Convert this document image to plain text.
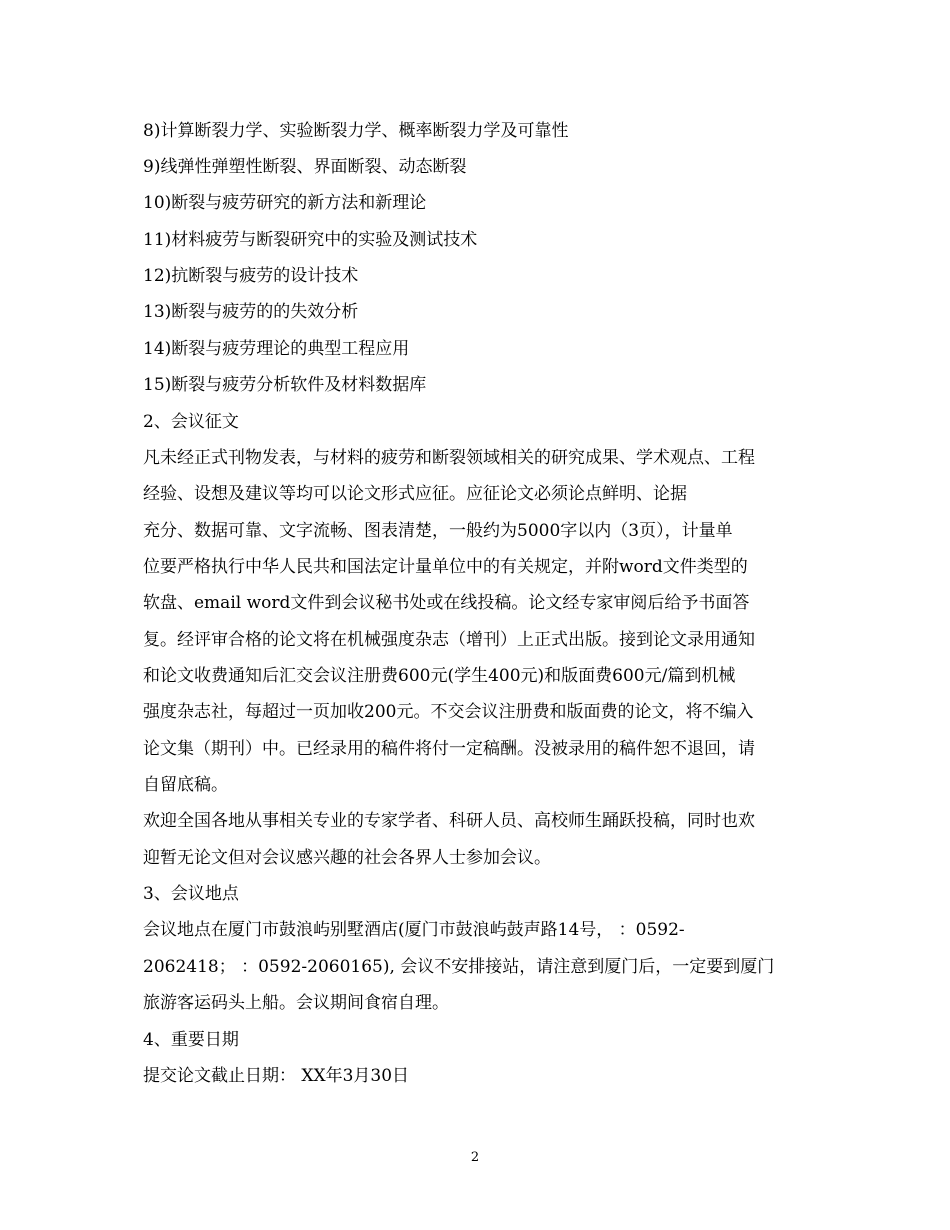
8)计算断裂力学、实验断裂力学、概率断裂力学及可靠性
9)线弹性弹塑性断裂、界面断裂、动态断裂
10)断裂与疲劳研究的新方法和新理论
11)材料疲劳与断裂研究中的实验及测试技术
12)抗断裂与疲劳的设计技术
13)断裂与疲劳的的失效分析
14)断裂与疲劳理论的典型工程应用
15)断裂与疲劳分析软件及材料数据库
2、会议征文
凡未经正式刊物发表，与材料的疲劳和断裂领域相关的研究成果、学术观点、工程
经验、设想及建议等均可以论文形式应征。应征论文必须论点鲜明、论据
充分、数据可靠、文字流畅、图表清楚，一般约为5000字以内（3页），计量单
位要严格执行中华人民共和国法定计量单位中的有关规定，并附word文件类型的
软盘、email word文件到会议秘书处或在线投稿。论文经专家审阅后给予书面答
复。经评审合格的论文将在机械强度杂志（增刊）上正式出版。接到论文录用通知
和论文收费通知后汇交会议注册费600元(学生400元)和版面费600元/篇到机械
强度杂志社，每超过一页加收200元。不交会议注册费和版面费的论文，将不编入
论文集（期刊）中。已经录用的稿件将付一定稿酬。没被录用的稿件恕不退回，请
自留底稿。
欢迎全国各地从事相关专业的专家学者、科研人员、高校师生踊跃投稿，同时也欢
迎暂无论文但对会议感兴趣的社会各界人士参加会议。
3、会议地点
会议地点在厦门市鼓浪屿别墅酒店(厦门市鼓浪屿鼓声路14号， ：0592-
2062418； ：0592-2060165), 会议不安排接站，请注意到厦门后，一定要到厦门
旅游客运码头上船。会议期间食宿自理。
4、重要日期
提交论文截止日期： XX年3月30日
2
